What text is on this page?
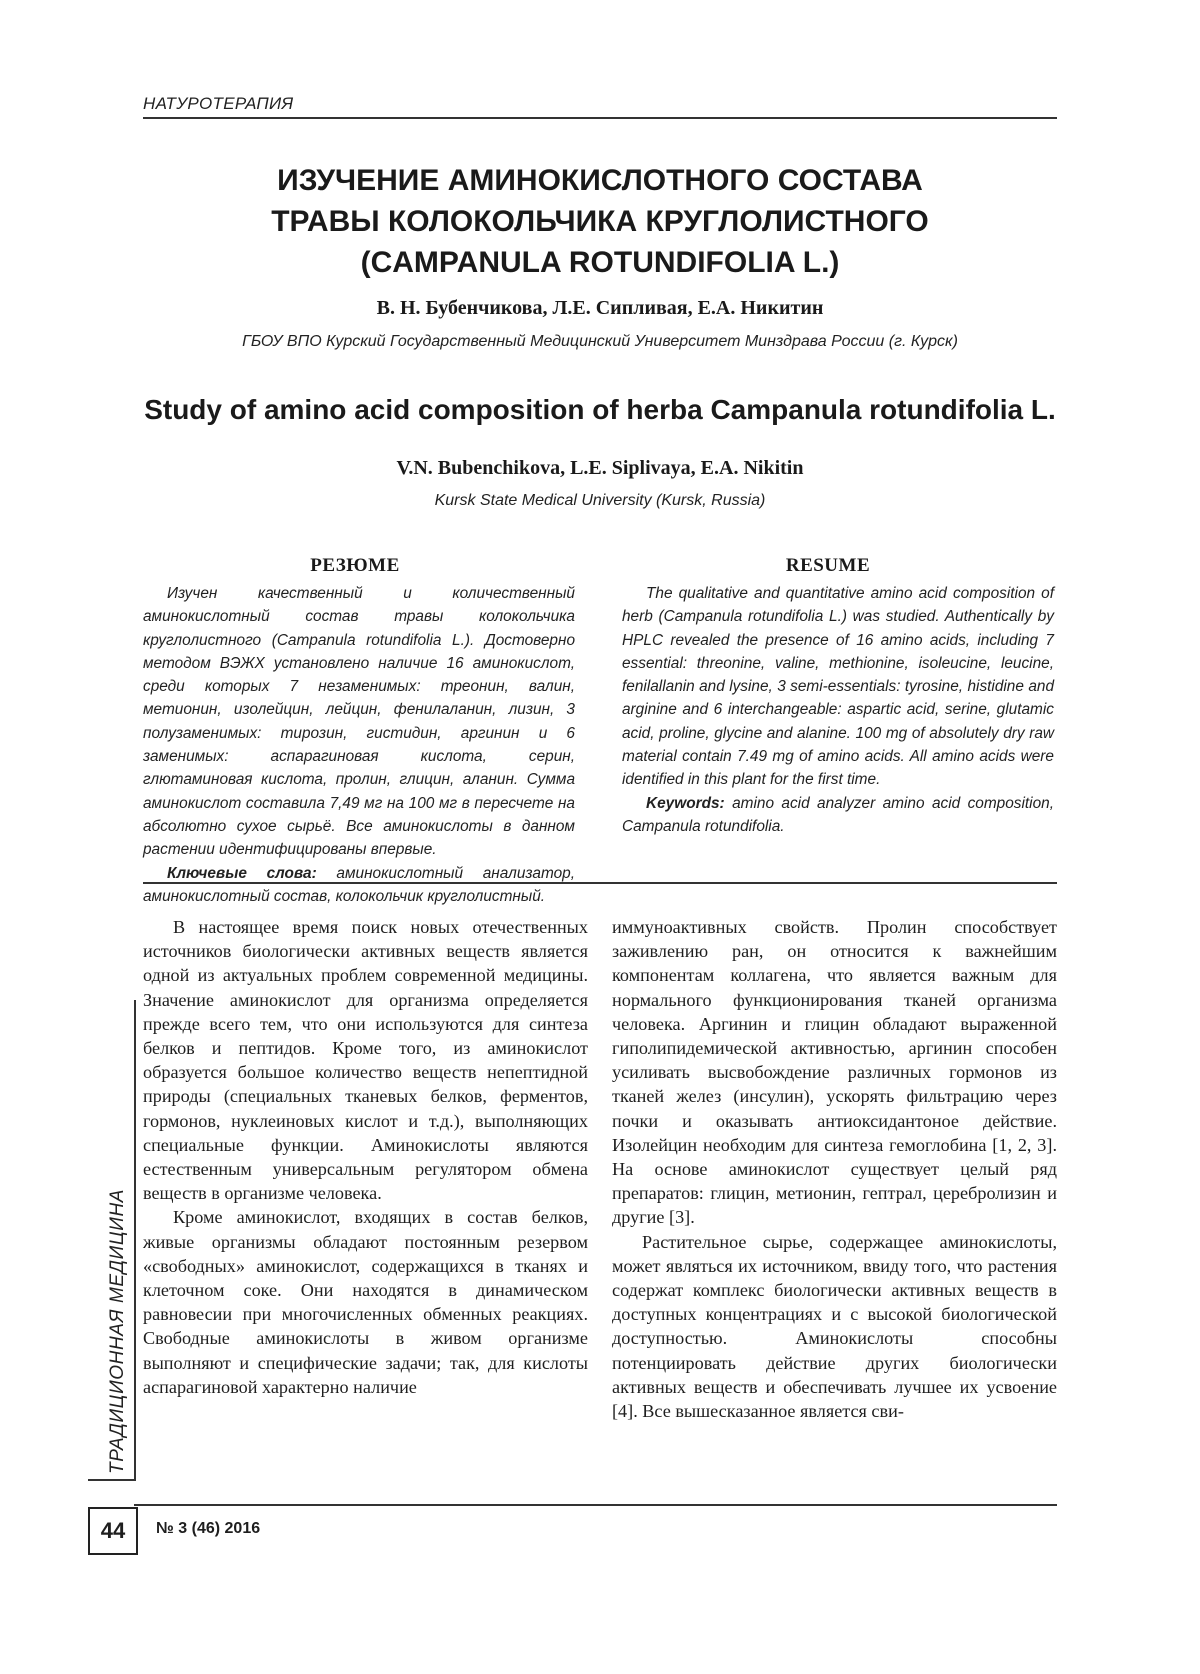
НАТУРОТЕРАПИЯ
ИЗУЧЕНИЕ АМИНОКИСЛОТНОГО СОСТАВА
ТРАВЫ КОЛОКОЛЬЧИКА КРУГЛОЛИСТНОГО
(CAMPANULA ROTUNDIFOLIA L.)
В. Н. Бубенчикова, Л.Е. Сипливая, Е.А. Никитин
ГБОУ ВПО Курский Государственный Медицинский Университет Минздрава России (г. Курск)
Study of amino acid composition of herba Campanula rotundifolia L.
V.N. Bubenchikova, L.E. Siplivaya, E.A. Nikitin
Kursk State Medical University (Kursk, Russia)
РЕЗЮМЕ	RESUME

Изучен качественный и количественный аминокислотный состав травы колокольчика круглолистного (Campanula rotundifolia L.). Достоверно методом ВЭЖХ установлено наличие 16 аминокислот, среди которых 7 незаменимых: треонин, валин, метионин, изолейцин, лейцин, фенилаланин, лизин, 3 полузаменимых: тирозин, гистидин, аргинин и 6 заменимых: аспарагиновая кислота, серин, глютаминовая кислота, пролин, глицин, аланин. Сумма аминокислот составила 7,49 мг на 100 мг в пересчете на абсолютно сухое сырьё. Все аминокислоты в данном растении идентифицированы впервые.

Ключевые слова: аминокислотный анализатор, аминокислотный состав, колокольчик круглолистный.

The qualitative and quantitative amino acid composition of herb (Campanula rotundifolia L.) was studied. Authentically by HPLC revealed the presence of 16 amino acids, including 7 essential: threonine, valine, methionine, isoleucine, leucine, fenilallanin and lysine, 3 semi-essentials: tyrosine, histidine and arginine and 6 interchangeable: aspartic acid, serine, glutamic acid, proline, glycine and alanine. 100 mg of absolutely dry raw material contain 7.49 mg of amino acids. All amino acids were identified in this plant for the first time.

Keywords: amino acid analyzer amino acid composition, Campanula rotundifolia.

В настоящее время поиск новых отечественных источников биологически активных веществ является одной из актуальных проблем современной медицины. Значение аминокислот для организма определяется прежде всего тем, что они используются для синтеза белков и пептидов. Кроме того, из аминокислот образуется большое количество веществ непептидной природы (специальных тканевых белков, ферментов, гормонов, нуклеиновых кислот и т.д.), выполняющих специальные функции. Аминокислоты являются естественным универсальным регулятором обмена веществ в организме человека.

Кроме аминокислот, входящих в состав белков, живые организмы обладают постоянным резервом «свободных» аминокислот, содержащихся в тканях и клеточном соке. Они находятся в динамическом равновесии при многочисленных обменных реакциях. Свободные аминокислоты в живом организме выполняют и специфические задачи; так, для кислоты аспарагиновой характерно наличие

иммуноактивных свойств. Пролин способствует заживлению ран, он относится к важнейшим компонентам коллагена, что является важным для нормального функционирования тканей организма человека. Аргинин и глицин обладают выраженной гиполипидемической активностью, аргинин способен усиливать высвобождение различных гормонов из тканей желез (инсулин), ускорять фильтрацию через почки и оказывать антиоксидантоное действие. Изолейцин необходим для синтеза гемоглобина [1, 2, 3]. На основе аминокислот существует целый ряд препаратов: глицин, метионин, гептрал, церебролизин и другие [3].

Растительное сырье, содержащее аминокислоты, может являться их источником, ввиду того, что растения содержат комплекс биологически активных веществ в доступных концентрациях и с высокой биологической доступностью. Аминокислоты способны потенциировать действие других биологически активных веществ и обеспечивать лучшее их усвоение [4]. Все вышесказанное является сви-

ТРАДИЦИОННАЯ МЕДИЦИНА
44	№ 3 (46) 2016
